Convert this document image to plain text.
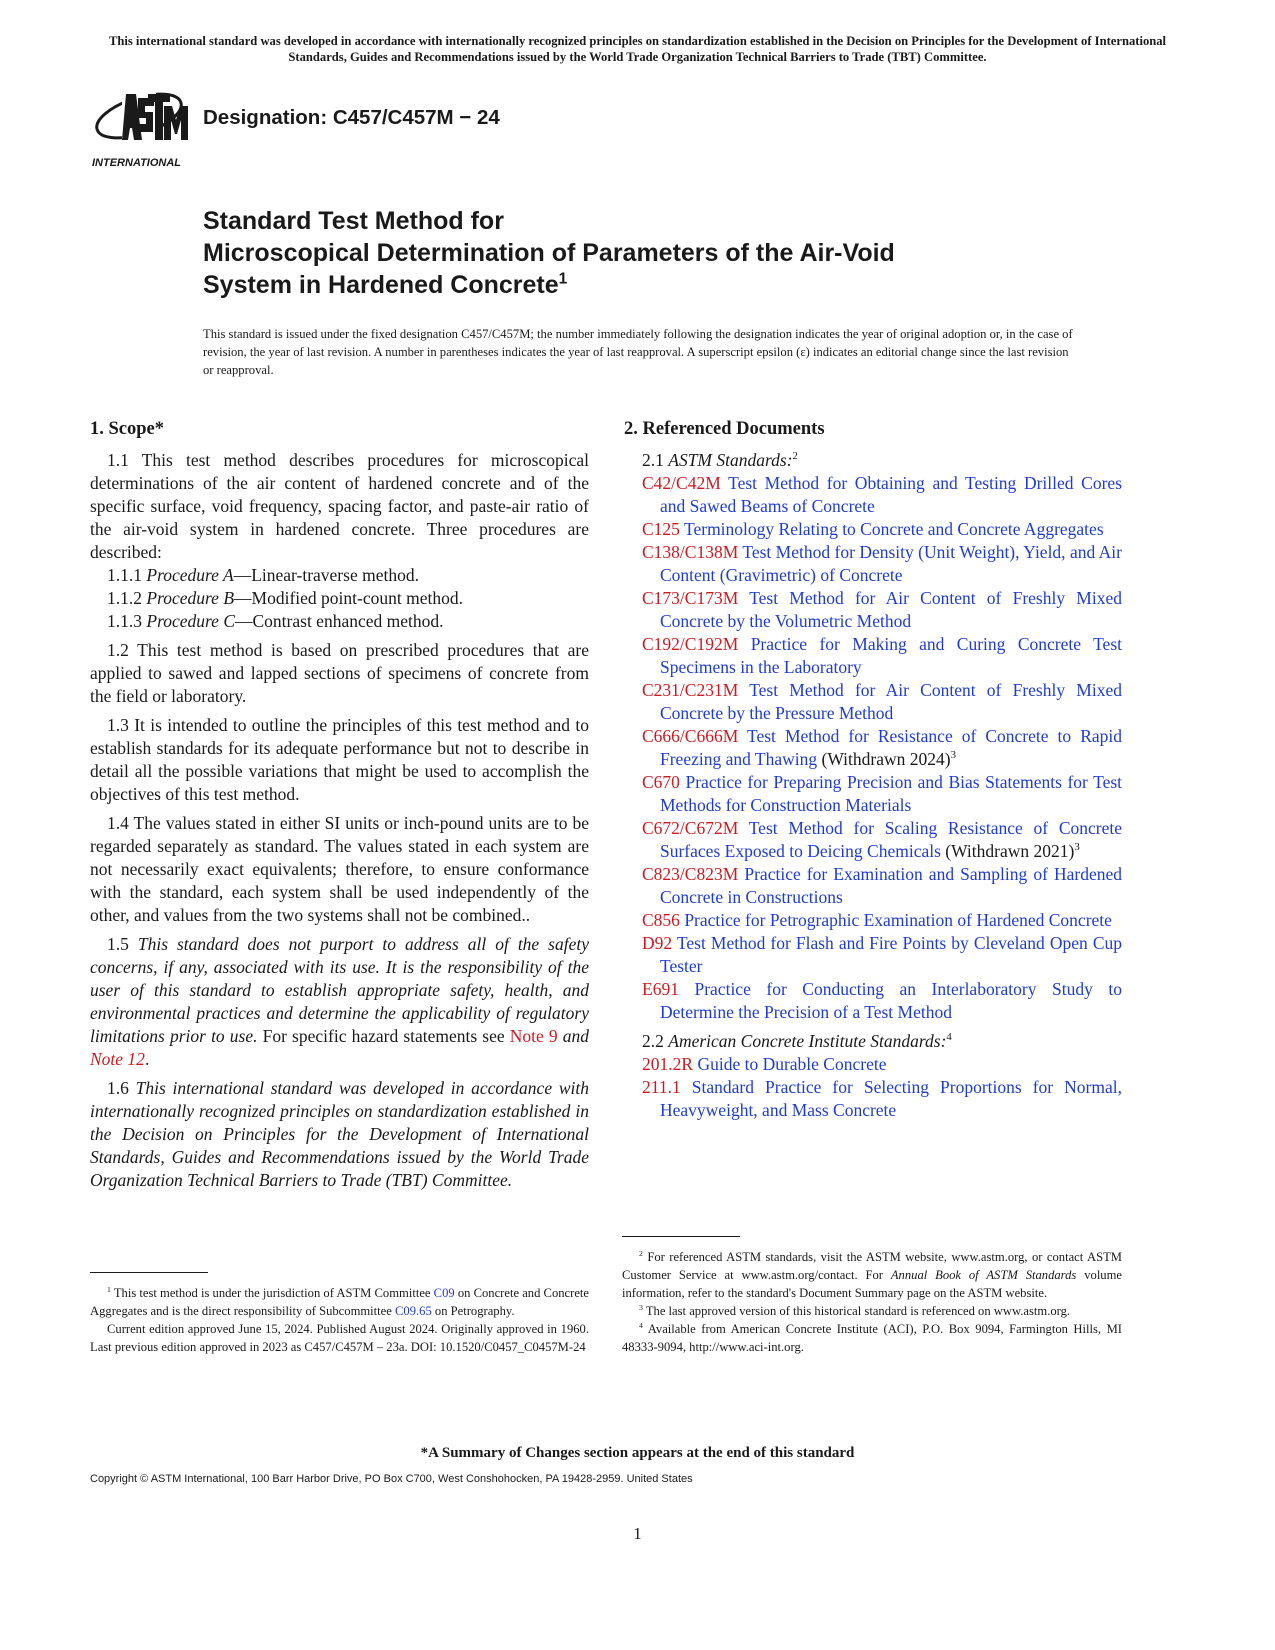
This international standard was developed in accordance with internationally recognized principles on standardization established in the Decision on Principles for the Development of International Standards, Guides and Recommendations issued by the World Trade Organization Technical Barriers to Trade (TBT) Committee.
INTERNATIONAL
Designation: C457/C457M − 24
Standard Test Method for
Microscopical Determination of Parameters of the Air-Void
System in Hardened Concrete$^1$
This standard is issued under the fixed designation C457/C457M; the number immediately following the designation indicates the year of original adoption or, in the case of revision, the year of last revision. A number in parentheses indicates the year of last reapproval. A superscript epsilon (ε) indicates an editorial change since the last revision or reapproval.

1. Scope*

1.1 This test method describes procedures for microscopical determinations of the air content of hardened concrete and of the specific surface, void frequency, spacing factor, and paste-air ratio of the air-void system in hardened concrete. Three procedures are described:

1.1.1 Procedure A—Linear-traverse method.

1.1.2 Procedure B—Modified point-count method.

1.1.3 Procedure C—Contrast enhanced method.

1.2 This test method is based on prescribed procedures that are applied to sawed and lapped sections of specimens of concrete from the field or laboratory.

1.3 It is intended to outline the principles of this test method and to establish standards for its adequate performance but not to describe in detail all the possible variations that might be used to accomplish the objectives of this test method.

1.4 The values stated in either SI units or inch-pound units are to be regarded separately as standard. The values stated in each system are not necessarily exact equivalents; therefore, to ensure conformance with the standard, each system shall be used independently of the other, and values from the two systems shall not be combined..

1.5 This standard does not purport to address all of the safety concerns, if any, associated with its use. It is the responsibility of the user of this standard to establish appropriate safety, health, and environmental practices and determine the applicability of regulatory limitations prior to use. For specific hazard statements see Note 9 and Note 12.

1.6 This international standard was developed in accordance with internationally recognized principles on standardization established in the Decision on Principles for the Development of International Standards, Guides and Recommendations issued by the World Trade Organization Technical Barriers to Trade (TBT) Committee.

2. Referenced Documents

2.1 ASTM Standards:$^2$

C42/C42M Test Method for Obtaining and Testing Drilled Cores and Sawed Beams of Concrete

C125 Terminology Relating to Concrete and Concrete Aggregates

C138/C138M Test Method for Density (Unit Weight), Yield, and Air Content (Gravimetric) of Concrete

C173/C173M Test Method for Air Content of Freshly Mixed Concrete by the Volumetric Method

C192/C192M Practice for Making and Curing Concrete Test Specimens in the Laboratory

C231/C231M Test Method for Air Content of Freshly Mixed Concrete by the Pressure Method

C666/C666M Test Method for Resistance of Concrete to Rapid Freezing and Thawing (Withdrawn 2024)$^3$

C670 Practice for Preparing Precision and Bias Statements for Test Methods for Construction Materials

C672/C672M Test Method for Scaling Resistance of Concrete Surfaces Exposed to Deicing Chemicals (Withdrawn 2021)$^3$

C823/C823M Practice for Examination and Sampling of Hardened Concrete in Constructions

C856 Practice for Petrographic Examination of Hardened Concrete

D92 Test Method for Flash and Fire Points by Cleveland Open Cup Tester

E691 Practice for Conducting an Interlaboratory Study to Determine the Precision of a Test Method

2.2 American Concrete Institute Standards:$^4$

201.2R Guide to Durable Concrete

211.1 Standard Practice for Selecting Proportions for Normal, Heavyweight, and Mass Concrete

$^1$ This test method is under the jurisdiction of ASTM Committee C09 on Concrete and Concrete Aggregates and is the direct responsibility of Subcommittee C09.65 on Petrography.

Current edition approved June 15, 2024. Published August 2024. Originally approved in 1960. Last previous edition approved in 2023 as C457/C457M – 23a. DOI: 10.1520/C0457_C0457M-24

$^2$ For referenced ASTM standards, visit the ASTM website, www.astm.org, or contact ASTM Customer Service at www.astm.org/contact. For Annual Book of ASTM Standards volume information, refer to the standard's Document Summary page on the ASTM website.

$^3$ The last approved version of this historical standard is referenced on www.astm.org.

$^4$ Available from American Concrete Institute (ACI), P.O. Box 9094, Farmington Hills, MI 48333-9094, http://www.aci-int.org.

*A Summary of Changes section appears at the end of this standard
Copyright © ASTM International, 100 Barr Harbor Drive, PO Box C700, West Conshohocken, PA 19428-2959. United States
1
